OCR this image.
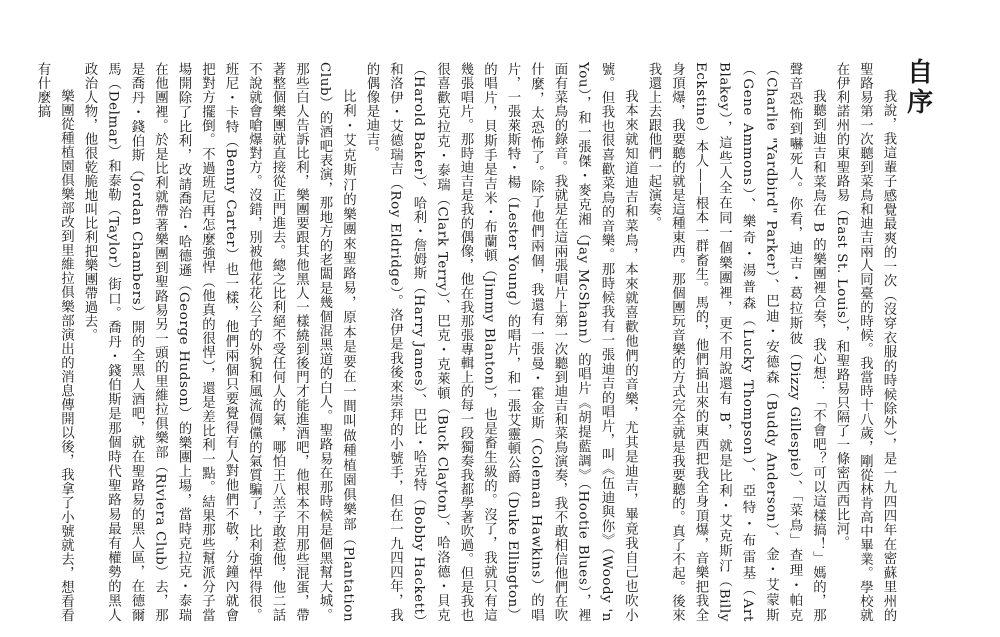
自序

我說，我這輩子感覺最爽的一次（沒穿衣服的時候除外），是一九四四年在密蘇里州的聖路易第一次聽到菜鳥和迪吉兩人同臺的時候。我當時十八歲，剛從林肯高中畢業。學校就在伊利諾州的東聖路易（East St. Louis），和聖路易只隔了一條密西西比河。

我聽到迪吉和菜鳥在 B 的樂團裡合奏，我心想：「不會吧？可以這樣搞！」媽的，那聲音恐怖到嚇死人。你看，迪吉・葛拉斯彼（Dizzy Gillespie）、「菜鳥」查理・帕克（Charlie "Yardbird" Parker）、巴迪・安德森（Buddy Anderson）、金・艾蒙斯（Gene Ammons）、樂奇・湯普森（Lucky Thompson）、亞特・布雷基（Art Blakey），這些人全在同一個樂團裡，更不用說還有 B，就是比利・艾克斯汀（Billy Eckstine）本人——根本一群畜生。馬的，他們搞出來的東西把我全身頂爆，音樂把我全身頂爆，我要聽的就是這種東西。那個團玩音樂的方式完全就是我要聽的。真了不起。後來我還上去跟他們一起演奏。

我本來就知道迪吉和菜鳥，本來就喜歡他們的音樂，尤其是迪吉，畢竟我自己也吹小號。但我也很喜歡菜鳥的音樂。那時候我有一張迪吉的唱片，叫《伍迪與你》（Woody 'n You），和一張傑・麥克湘（Jay McShann）的唱片《胡提藍調》（Hootie Blues），裡面有菜鳥的錄音。我就是在這兩張唱片上第一次聽到迪吉和菜鳥演奏，我不敢相信他們在吹什麼，太恐怖了。除了他們兩個，我還有一張曼・霍金斯（Coleman Hawkins）的唱片，一張萊斯特・楊（Lester Young）的唱片，和一張艾靈頓公爵（Duke Ellington）的唱片，貝斯手是吉米・布蘭頓（Jimmy Blanton），也是畜生級的。沒了，我就只有這幾張唱片。那時迪吉是我的偶像，他在我那張專輯上的每一段獨奏我都學著吹過。但是我也很喜歡克拉克・泰瑞（Clark Terry）、巴克・克萊頓（Buck Clayton）、哈洛德・貝克（Harold Baker）、哈利・詹姆斯（Harry James）、巴比・哈克特（Bobby Hackett）和洛伊・艾德瑞吉（Roy Eldridge）。洛伊是我後來崇拜的小號手，但在一九四四年，我的偶像是迪吉。

比利・艾克斯汀的樂團來聖路易，原本是要在一間叫做種植園俱樂部（Plantation Club）的酒吧表演，那地方的老闆是幾個混黑道的白人。聖路易在那時候是個黑幫大城。那些白人告訴比利，樂團要跟其他黑人一樣繞到後門才能進酒吧，他根本不用那些混蛋，帶著整個樂團就直接從正門進去。總之比利絕不受任何人的氣，哪怕王八羔子敢惹他，他二話不說就會嗆爆對方。沒錯，別被他花花公子的外貌和風流倜儻的氣質騙了，比利強悍得很。班尼・卡特（Benny Carter）也一樣，他們兩個只要覺得有人對他們不敬，分鐘內就會把對方擺倒。不過班尼再怎麼強悍（他真的很悍），還是差比利一點。結果那些幫派分子當場開除了比利，改請喬治・哈德遜（George Hudson）的樂團上場，當時克拉克・泰瑞在他團裡。於是比利就帶著樂團到聖路易另一頭的里維拉俱樂部（Riviera Club）去，那是喬丹・錢伯斯（Jordan Chambers）開的全黑人酒吧，就在聖路易的黑人區，在德爾馬（Delmar）和泰勒（Taylor）街口。喬丹・錢伯斯是那個時代聖路易最有權勢的黑人政治人物，他很乾脆地叫比利把樂團帶過去。

樂團從種植園俱樂部改到里維拉俱樂部演出的消息傳開以後，我拿了小號就去，想看看有什麼搞
